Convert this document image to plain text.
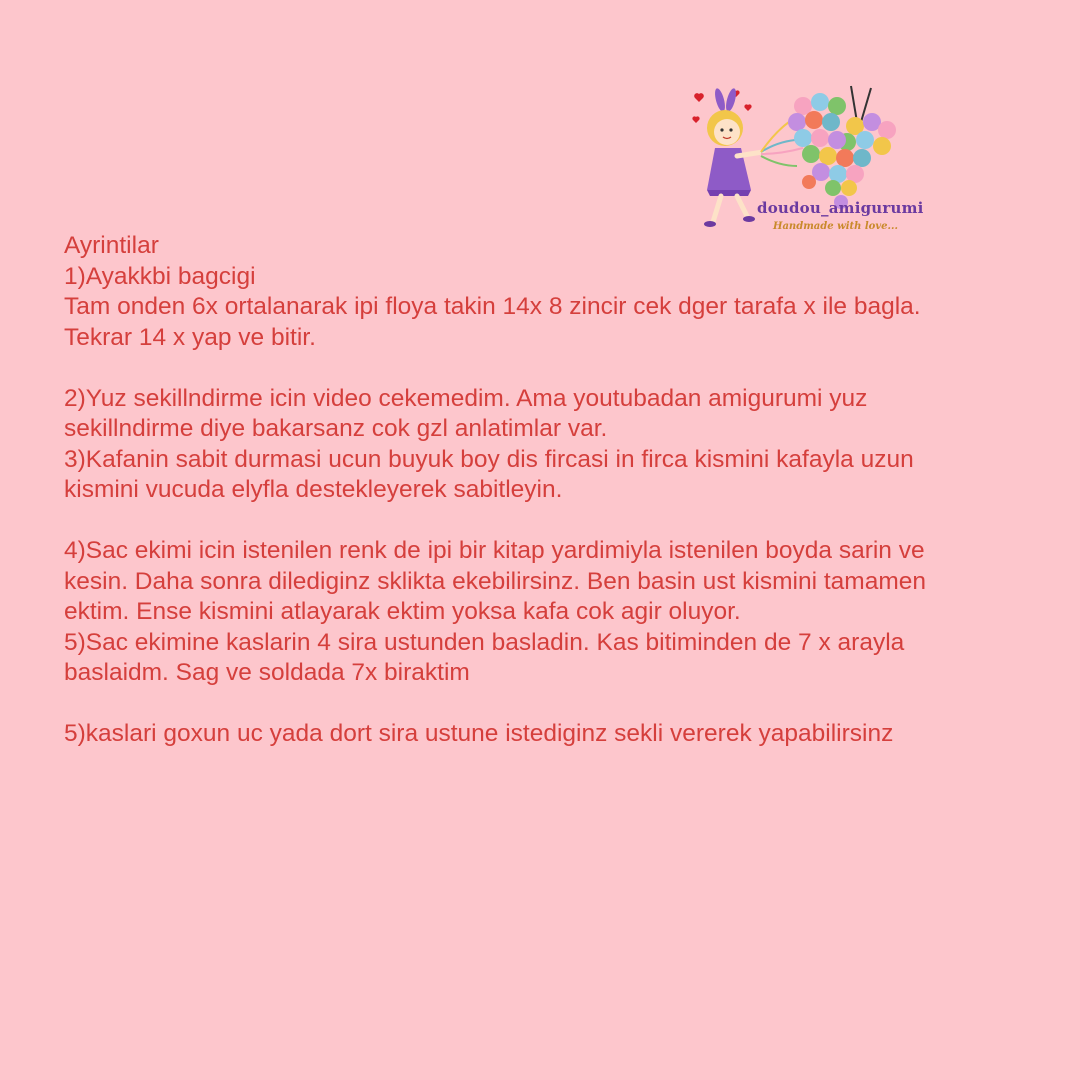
doudou_amigurumi
Handmade with love...

Ayrintilar

1)Ayakkbi bagcigi

Tam onden 6x ortalanarak ipi floya takin 14x 8 zincir cek dger tarafa x ile bagla.

Tekrar 14 x yap ve bitir.

2)Yuz sekillndirme icin video cekemedim. Ama youtubadan amigurumi yuz

sekillndirme diye bakarsanz cok gzl anlatimlar var.

3)Kafanin sabit durmasi ucun buyuk boy dis fircasi in firca kismini kafayla uzun

kismini vucuda elyfla destekleyerek sabitleyin.

4)Sac ekimi icin istenilen renk de ipi bir kitap yardimiyla istenilen boyda sarin ve

kesin. Daha sonra dilediginz sklikta ekebilirsinz. Ben basin ust kismini tamamen

ektim. Ense kismini atlayarak ektim yoksa kafa cok agir oluyor.

5)Sac ekimine kaslarin 4 sira ustunden basladin. Kas bitiminden de 7 x arayla

baslaidm. Sag ve soldada 7x biraktim

5)kaslari goxun uc yada dort sira ustune istediginz sekli vererek yapabilirsinz
